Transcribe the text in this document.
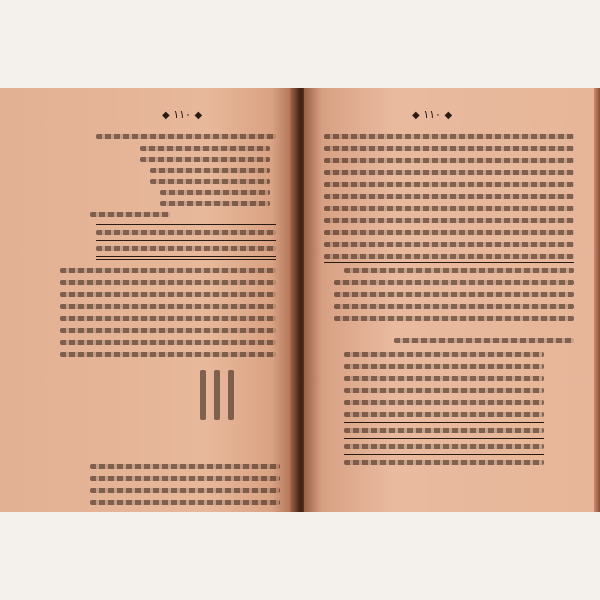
◆ ١١٠ ◆	◆ ١١٠ ◆
